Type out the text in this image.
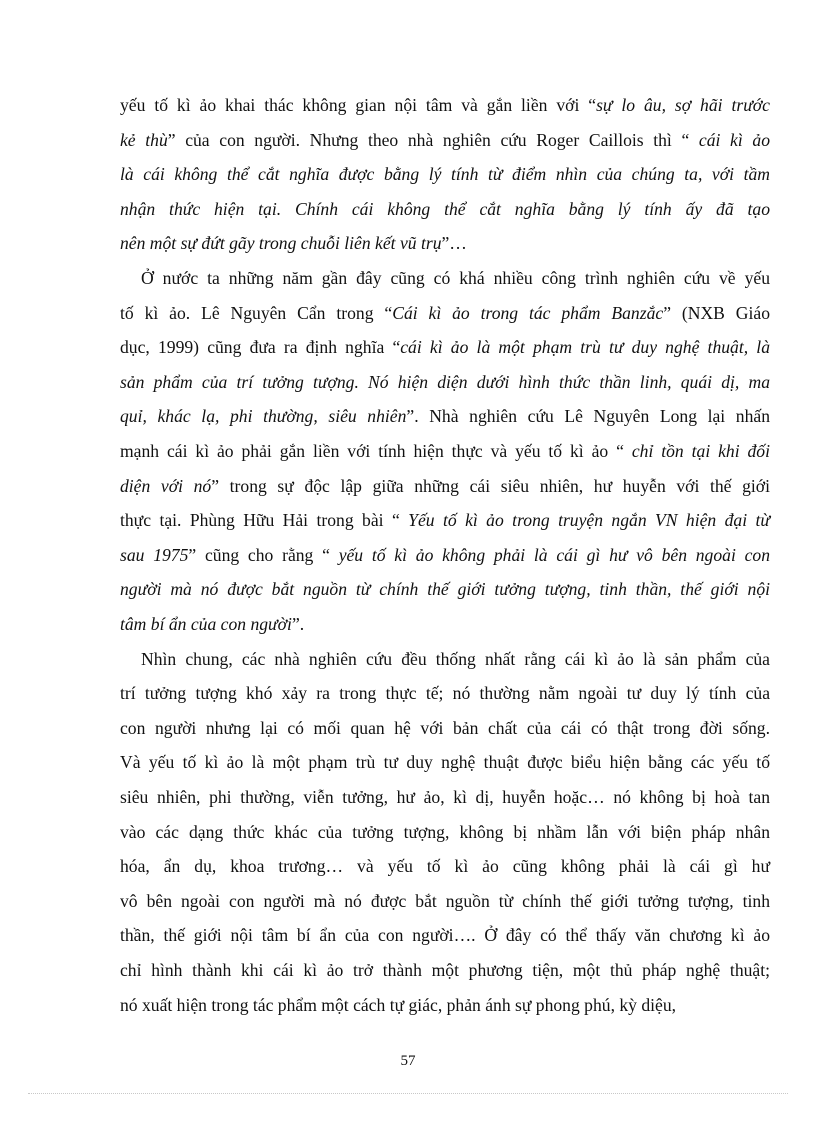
yếu tố kì ảo khai thác không gian nội tâm và gắn liền với “sự lo âu, sợ hãi trước
kẻ thù” của con người. Nhưng theo nhà nghiên cứu Roger Caillois thì “ cái kì ảo
là cái không thể cắt nghĩa được bằng lý tính từ điểm nhìn của chúng ta, với tầm
nhận thức hiện tại. Chính cái không thể cắt nghĩa bằng lý tính ấy đã tạo
nên một sự đứt gãy trong chuỗi liên kết vũ trụ”…
Ở nước ta những năm gần đây cũng có khá nhiều công trình nghiên cứu về yếu
tố kì ảo. Lê Nguyên Cẩn trong “Cái kì ảo trong tác phẩm Banzắc” (NXB Giáo
dục, 1999) cũng đưa ra định nghĩa “cái kì ảo là một phạm trù tư duy nghệ thuật, là
sản phẩm của trí tưởng tượng. Nó hiện diện dưới hình thức thần linh, quái dị, ma
quỉ, khác lạ, phi thường, siêu nhiên”. Nhà nghiên cứu Lê Nguyên Long lại nhấn
mạnh cái kì ảo phải gắn liền với tính hiện thực và yếu tố kì ảo “ chỉ tồn tại khi đối
diện với nó” trong sự độc lập giữa những cái siêu nhiên, hư huyễn với thế giới
thực tại. Phùng Hữu Hải trong bài “ Yếu tố kì ảo trong truyện ngắn VN hiện đại từ
sau 1975” cũng cho rằng “ yếu tố kì ảo không phải là cái gì hư vô bên ngoài con
người mà nó được bắt nguồn từ chính thế giới tưởng tượng, tinh thần, thế giới nội
tâm bí ẩn của con người”.
Nhìn chung, các nhà nghiên cứu đều thống nhất rằng cái kì ảo là sản phẩm của
trí tưởng tượng khó xảy ra trong thực tế; nó thường nằm ngoài tư duy lý tính của
con người nhưng lại có mối quan hệ với bản chất của cái có thật trong đời sống.
Và yếu tố kì ảo là một phạm trù tư duy nghệ thuật được biểu hiện bằng các yếu tố
siêu nhiên, phi thường, viễn tưởng, hư ảo, kì dị, huyễn hoặc… nó không bị hoà tan
vào các dạng thức khác của tưởng tượng, không bị nhầm lẫn với biện pháp nhân
hóa, ẩn dụ, khoa trương… và yếu tố kì ảo cũng không phải là cái gì hư
vô bên ngoài con người mà nó được bắt nguồn từ chính thế giới tưởng tượng, tinh
thần, thế giới nội tâm bí ẩn của con người…. Ở đây có thể thấy văn chương kì ảo
chỉ hình thành khi cái kì ảo trở thành một phương tiện, một thủ pháp nghệ thuật;
nó xuất hiện trong tác phẩm một cách tự giác, phản ánh sự phong phú, kỳ diệu,
57
